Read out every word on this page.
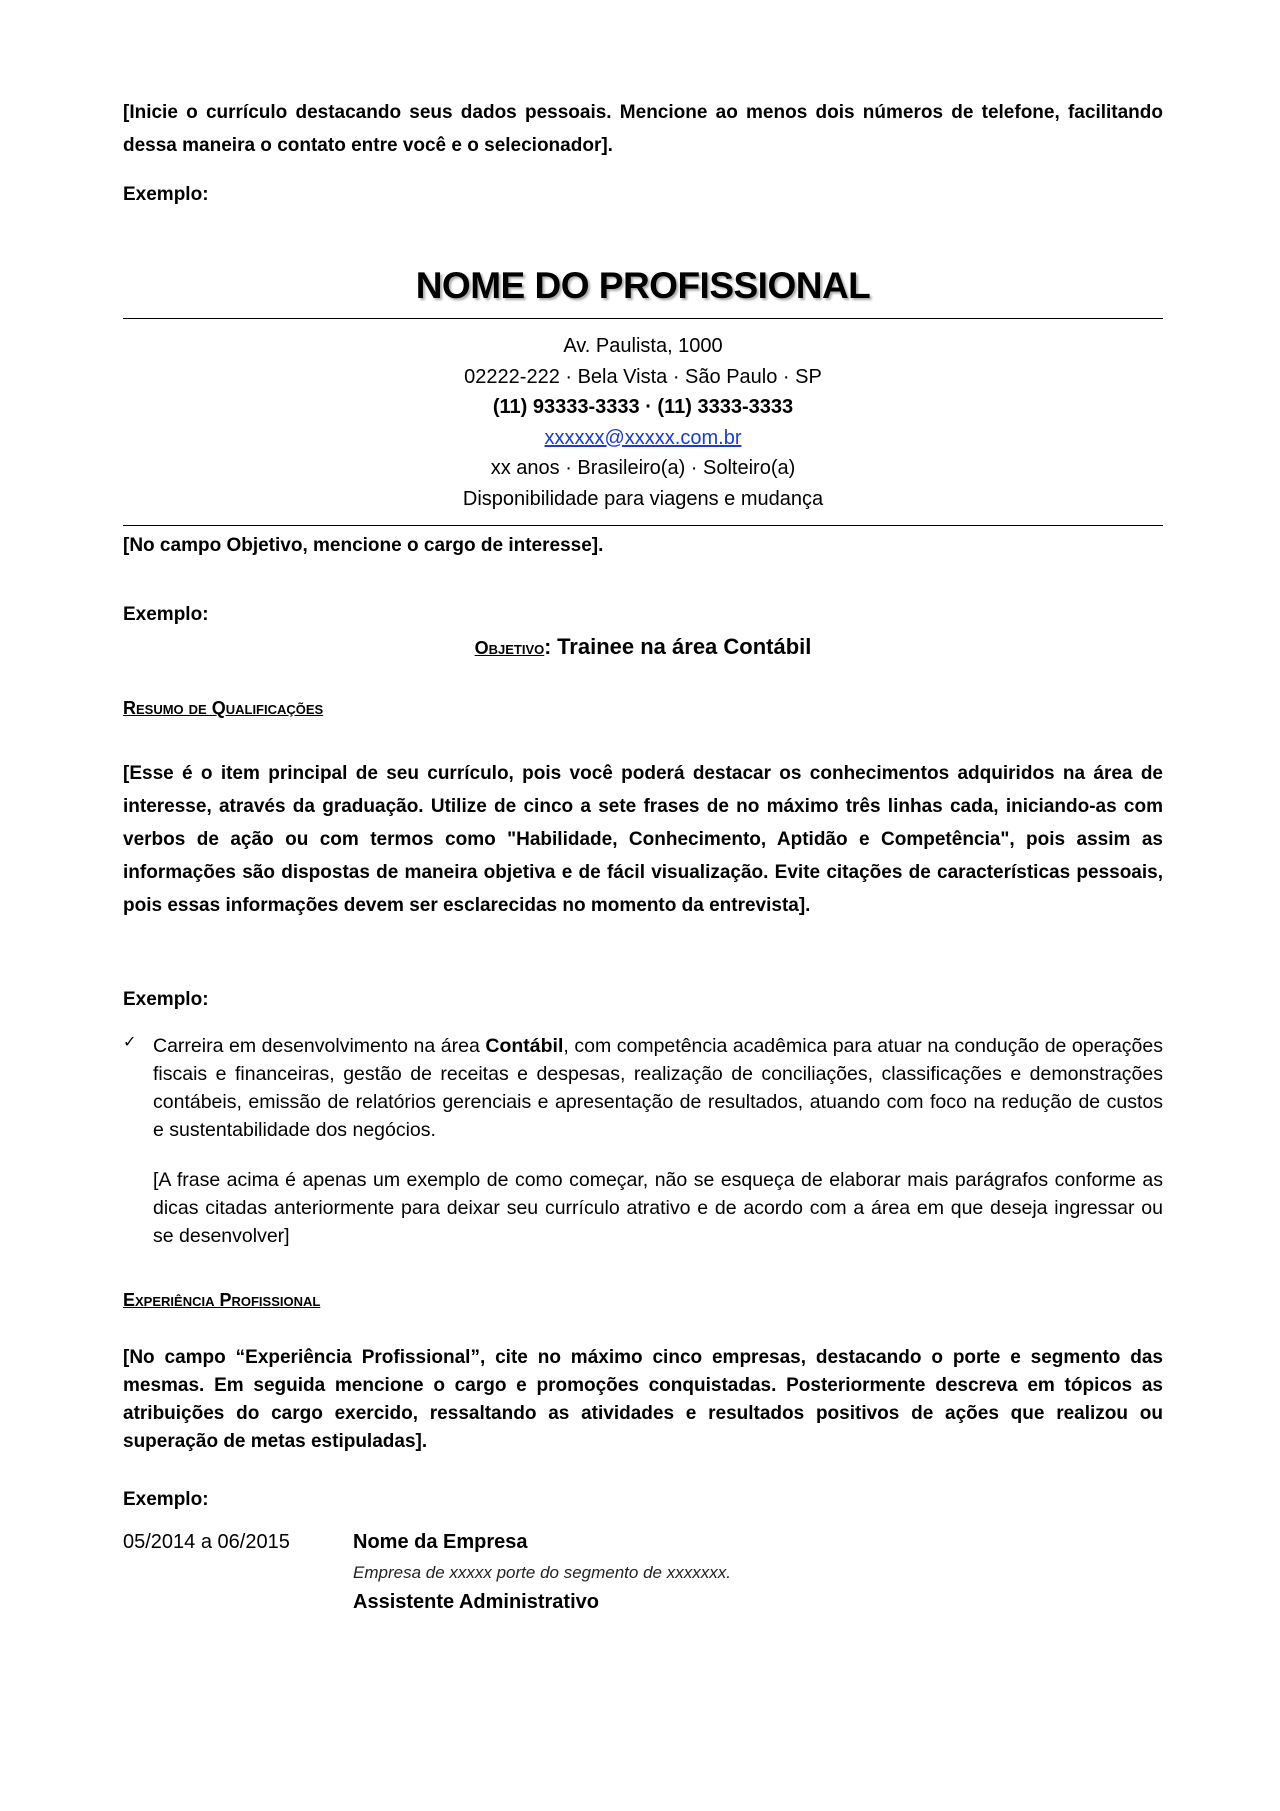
[Inicie o currículo destacando seus dados pessoais. Mencione ao menos dois números de telefone, facilitando dessa maneira o contato entre você e o selecionador].

Exemplo:

NOME DO PROFISSIONAL

Av. Paulista, 1000
02222-222 · Bela Vista · São Paulo · SP
(11) 93333-3333 · (11) 3333-3333
xxxxxx@xxxxx.com.br
xx anos · Brasileiro(a) · Solteiro(a)
Disponibilidade para viagens e mudança

[No campo Objetivo, mencione o cargo de interesse].

Exemplo:

Objetivo: Trainee na área Contábil
Resumo de Qualificações

[Esse é o item principal de seu currículo, pois você poderá destacar os conhecimentos adquiridos na área de interesse, através da graduação. Utilize de cinco a sete frases de no máximo três linhas cada, iniciando-as com verbos de ação ou com termos como "Habilidade, Conhecimento, Aptidão e Competência", pois assim as informações são dispostas de maneira objetiva e de fácil visualização. Evite citações de características pessoais, pois essas informações devem ser esclarecidas no momento da entrevista].

Exemplo:

✓ Carreira em desenvolvimento na área Contábil, com competência acadêmica para atuar na condução de operações fiscais e financeiras, gestão de receitas e despesas, realização de conciliações, classificações e demonstrações contábeis, emissão de relatórios gerenciais e apresentação de resultados, atuando com foco na redução de custos e sustentabilidade dos negócios.
[A frase acima é apenas um exemplo de como começar, não se esqueça de elaborar mais parágrafos conforme as dicas citadas anteriormente para deixar seu currículo atrativo e de acordo com a área em que deseja ingressar ou se desenvolver]
Experiência Profissional

[No campo “Experiência Profissional”, cite no máximo cinco empresas, destacando o porte e segmento das mesmas. Em seguida mencione o cargo e promoções conquistadas. Posteriormente descreva em tópicos as atribuições do cargo exercido, ressaltando as atividades e resultados positivos de ações que realizou ou superação de metas estipuladas].

Exemplo:

05/2014 a 06/2015	Nome da Empresa
Empresa de xxxxx porte do segmento de xxxxxxx.
Assistente Administrativo
